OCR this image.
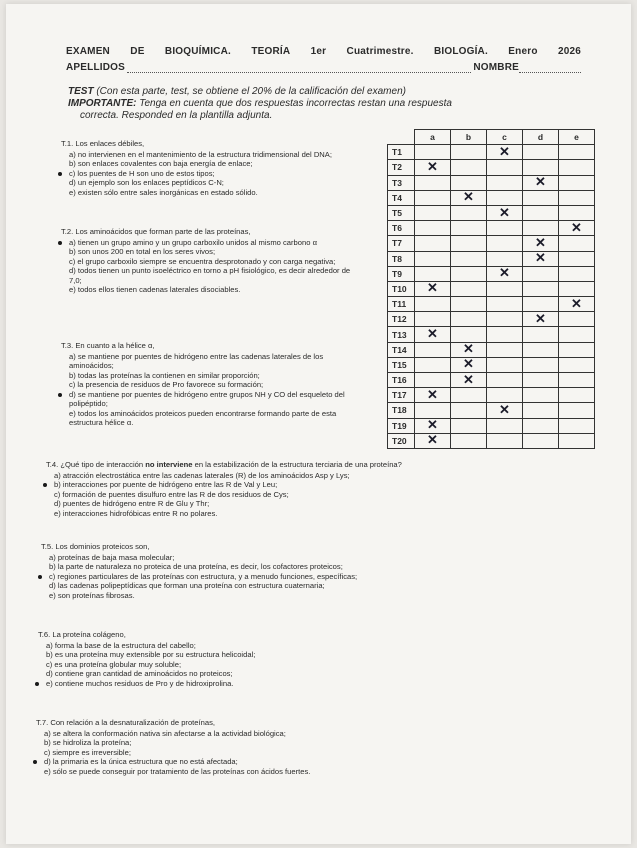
EXAMEN DE BIOQUÍMICA. TEORÍA 1er Cuatrimestre. BIOLOGÍA. Enero 2026
APELLIDOS	NOMBRE
TEST (Con esta parte, test, se obtiene el 20% de la calificación del examen)
IMPORTANTE: Tenga en cuenta que dos respuestas incorrectas restan una respuesta
correcta. Responded en la plantilla adjunta.
T.1. Los enlaces débiles,
a) no intervienen en el mantenimiento de la estructura tridimensional del DNA;
b) son enlaces covalentes con baja energía de enlace;
c) los puentes de H son uno de estos tipos;
d) un ejemplo son los enlaces peptídicos C-N;
e) existen sólo entre sales inorgánicas en estado sólido.
T.2. Los aminoácidos que forman parte de las proteínas,
a) tienen un grupo amino y un grupo carboxilo unidos al mismo carbono α
b) son unos 200 en total en los seres vivos;
c) el grupo carboxilo siempre se encuentra desprotonado y con carga negativa;
d) todos tienen un punto isoeléctrico en torno a pH fisiológico, es decir alrededor de 7,0;
e) todos ellos tienen cadenas laterales disociables.
T.3. En cuanto a la hélice α,
a) se mantiene por puentes de hidrógeno entre las cadenas laterales de los aminoácidos;
b) todas las proteínas la contienen en similar proporción;
c) la presencia de residuos de Pro favorece su formación;
d) se mantiene por puentes de hidrógeno entre grupos NH y CO del esqueleto del polipéptido;
e) todos los aminoácidos proteicos pueden encontrarse formando parte de esta estructura hélice α.
	a	b	c	d	e
T1			✕		
T2	✕				
T3				✕	
T4		✕			
T5			✕		
T6					✕
T7				✕	
T8				✕	
T9			✕		
T10	✕				
T11					✕
T12				✕	
T13	✕				
T14		✕			
T15		✕			
T16		✕			
T17	✕				
T18			✕		
T19	✕				
T20	✕				
T.4. ¿Qué tipo de interacción no interviene en la estabilización de la estructura terciaria de una proteína?
a) atracción electrostática entre las cadenas laterales (R) de los aminoácidos Asp y Lys;
b) interacciones por puente de hidrógeno entre las R de Val y Leu;
c) formación de puentes disulfuro entre las R de dos residuos de Cys;
d) puentes de hidrógeno entre R de Glu y Thr;
e) interacciones hidrofóbicas entre R no polares.
T.5. Los dominios proteicos son,
a) proteínas de baja masa molecular;
b) la parte de naturaleza no proteica de una proteína, es decir, los cofactores proteicos;
c) regiones particulares de las proteínas con estructura, y a menudo funciones, específicas;
d) las cadenas polipeptídicas que forman una proteína con estructura cuaternaria;
e) son proteínas fibrosas.
T.6. La proteína colágeno,
a) forma la base de la estructura del cabello;
b) es una proteína muy extensible por su estructura helicoidal;
c) es una proteína globular muy soluble;
d) contiene gran cantidad de aminoácidos no proteicos;
e) contiene muchos residuos de Pro y de hidroxiprolina.
T.7. Con relación a la desnaturalización de proteínas,
a) se altera la conformación nativa sin afectarse a la actividad biológica;
b) se hidroliza la proteína;
c) siempre es irreversible;
d) la primaria es la única estructura que no está afectada;
e) sólo se puede conseguir por tratamiento de las proteínas con ácidos fuertes.
